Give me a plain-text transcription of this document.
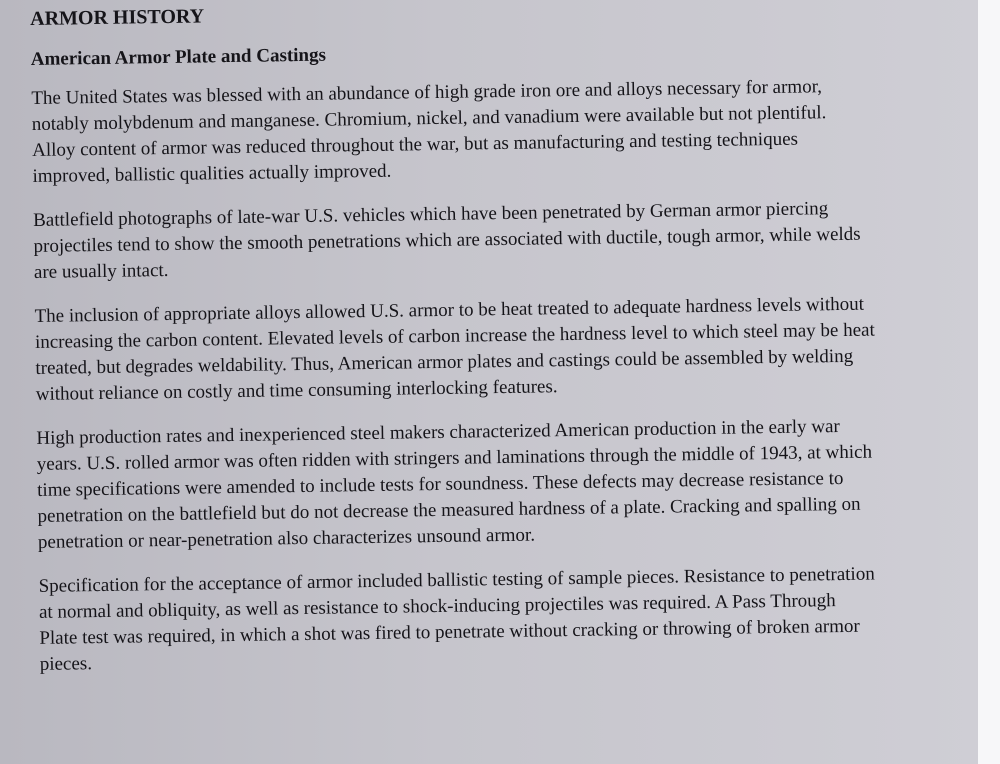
ARMOR HISTORY
American Armor Plate and Castings

The United States was blessed with an abundance of high grade iron ore and alloys necessary for armor,
notably molybdenum and manganese. Chromium, nickel, and vanadium were available but not plentiful.
Alloy content of armor was reduced throughout the war, but as manufacturing and testing techniques
improved, ballistic qualities actually improved.

Battlefield photographs of late-war U.S. vehicles which have been penetrated by German armor piercing
projectiles tend to show the smooth penetrations which are associated with ductile, tough armor, while welds
are usually intact.

The inclusion of appropriate alloys allowed U.S. armor to be heat treated to adequate hardness levels without
increasing the carbon content. Elevated levels of carbon increase the hardness level to which steel may be heat
treated, but degrades weldability. Thus, American armor plates and castings could be assembled by welding
without reliance on costly and time consuming interlocking features.

High production rates and inexperienced steel makers characterized American production in the early war
years. U.S. rolled armor was often ridden with stringers and laminations through the middle of 1943, at which
time specifications were amended to include tests for soundness. These defects may decrease resistance to
penetration on the battlefield but do not decrease the measured hardness of a plate. Cracking and spalling on
penetration or near-penetration also characterizes unsound armor.

Specification for the acceptance of armor included ballistic testing of sample pieces. Resistance to penetration
at normal and obliquity, as well as resistance to shock-inducing projectiles was required. A Pass Through
Plate test was required, in which a shot was fired to penetrate without cracking or throwing of broken armor
pieces.
